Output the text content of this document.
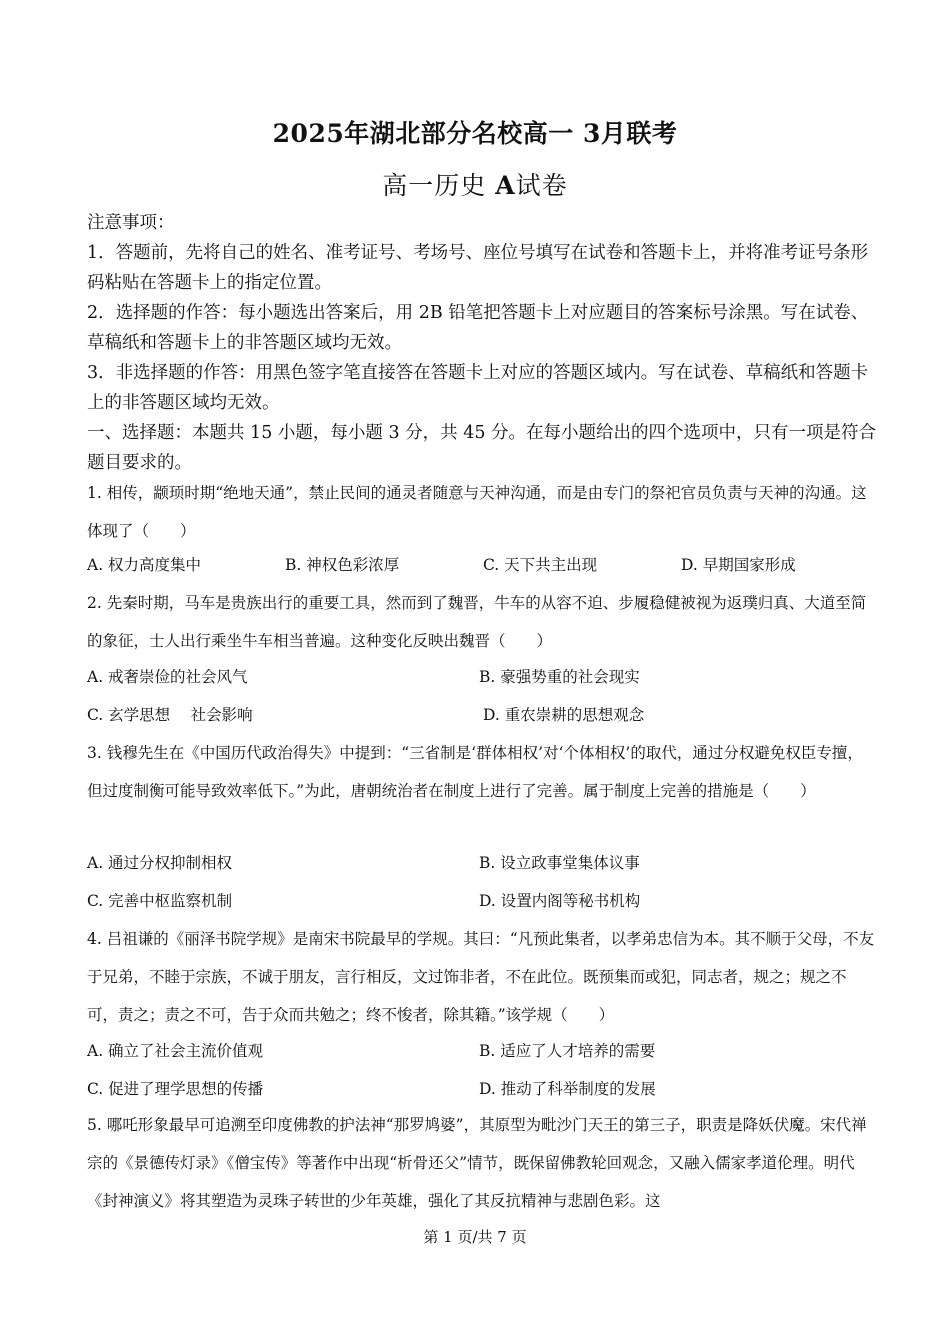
2025年湖北部分名校高一 3月联考
高一历史 A试卷

注意事项：

1．答题前，先将自己的姓名、准考证号、考场号、座位号填写在试卷和答题卡上，并将准考证号条形码粘贴在答题卡上的指定位置。

2．选择题的作答：每小题选出答案后，用 2B 铅笔把答题卡上对应题目的答案标号涂黑。写在试卷、草稿纸和答题卡上的非答题区域均无效。

3．非选择题的作答：用黑色签字笔直接答在答题卡上对应的答题区域内。写在试卷、草稿纸和答题卡上的非答题区域均无效。

一、选择题：本题共 15 小题，每小题 3 分，共 45 分。在每小题给出的四个选项中，只有一项是符合题目要求的。

1. 相传，颛顼时期“绝地天通”，禁止民间的通灵者随意与天神沟通，而是由专门的祭祀官员负责与天神的沟通。这体现了（　　）

A. 权力高度集中	B. 神权色彩浓厚	C. 天下共主出现	D. 早期国家形成

2. 先秦时期，马车是贵族出行的重要工具，然而到了魏晋，牛车的从容不迫、步履稳健被视为返璞归真、大道至简的象征，士人出行乘坐牛车相当普遍。这种变化反映出魏晋（　　）

A. 戒奢崇俭的社会风气	B. 豪强势重的社会现实
C. 玄学思想　 社会影响	D. 重农崇耕的思想观念

3. 钱穆先生在《中国历代政治得失》中提到：“三省制是‘群体相权’对‘个体相权’的取代，通过分权避免权臣专擅，但过度制衡可能导致效率低下。”为此，唐朝统治者在制度上进行了完善。属于制度上完善的措施是（　　）

A. 通过分权抑制相权	B. 设立政事堂集体议事
C. 完善中枢监察机制	D. 设置内阁等秘书机构

4. 吕祖谦的《丽泽书院学规》是南宋书院最早的学规。其曰：“凡预此集者，以孝弟忠信为本。其不顺于父母，不友于兄弟，不睦于宗族，不诚于朋友，言行相反，文过饰非者，不在此位。既预集而或犯，同志者，规之；规之不可，责之；责之不可，告于众而共勉之；终不悛者，除其籍。”该学规（　　）

A. 确立了社会主流价值观	B. 适应了人才培养的需要
C. 促进了理学思想的传播	D. 推动了科举制度的发展

5. 哪吒形象最早可追溯至印度佛教的护法神“那罗鸠婆”，其原型为毗沙门天王的第三子，职责是降妖伏魔。宋代禅宗的《景德传灯录》《僧宝传》等著作中出现“析骨还父”情节，既保留佛教轮回观念，又融入儒家孝道伦理。明代《封神演义》将其塑造为灵珠子转世的少年英雄，强化了其反抗精神与悲剧色彩。这

第 1 页/共 7 页
